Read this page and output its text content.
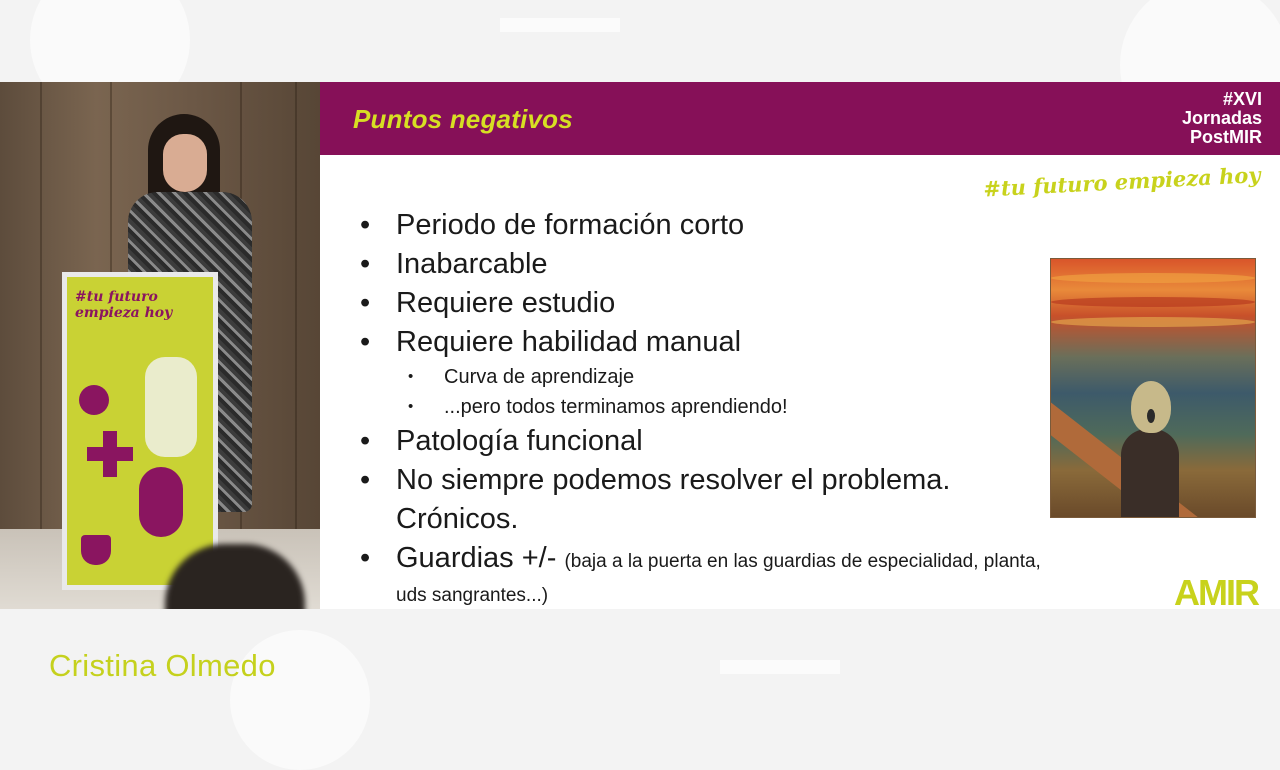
#tu futuro
empieza hoy
Puntos negativos
#XVI
Jornadas
PostMIR
#tu futuro empieza hoy
• Periodo de formación corto
• Inabarcable
• Requiere estudio
• Requiere habilidad manual
• Curva de aprendizaje
• ...pero todos terminamos aprendiendo!
• Patología funcional
• No siempre podemos resolver el problema.
Crónicos.
• Guardias +/- (baja a la puerta en las guardias de especialidad, planta,
uds sangrantes...)	AMIR
Cristina Olmedo
